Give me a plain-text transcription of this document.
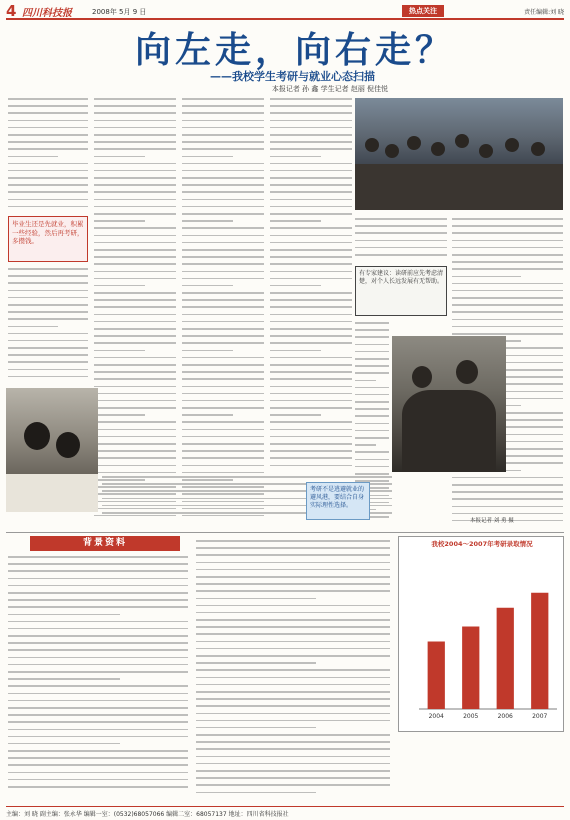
4 四川科技报	2008年 5月 9 日	热点关注	责任编辑:刘 晓
向左走，向右走？
——我校学生考研与就业心态扫描
本报记者 孙 鑫 学生记者 赵丽 倪佳悦
毕业生还是先就业，积累一些经验，然后再考研，多攒钱。
有专家建议：读研前应先考虑清楚，对个人长远发展有无帮助。
考研不是逃避就业的避风港，要结合自身实际理性选择。
本报记者 刘 勇 摄
背景资料	我校2004～2007年考研录取情况
2004	2005	2006	2007
主编：刘 晓 副主编：张永华 编辑一室：(0532)68057066 编辑二室：68057137 地址：四川省科技报社
